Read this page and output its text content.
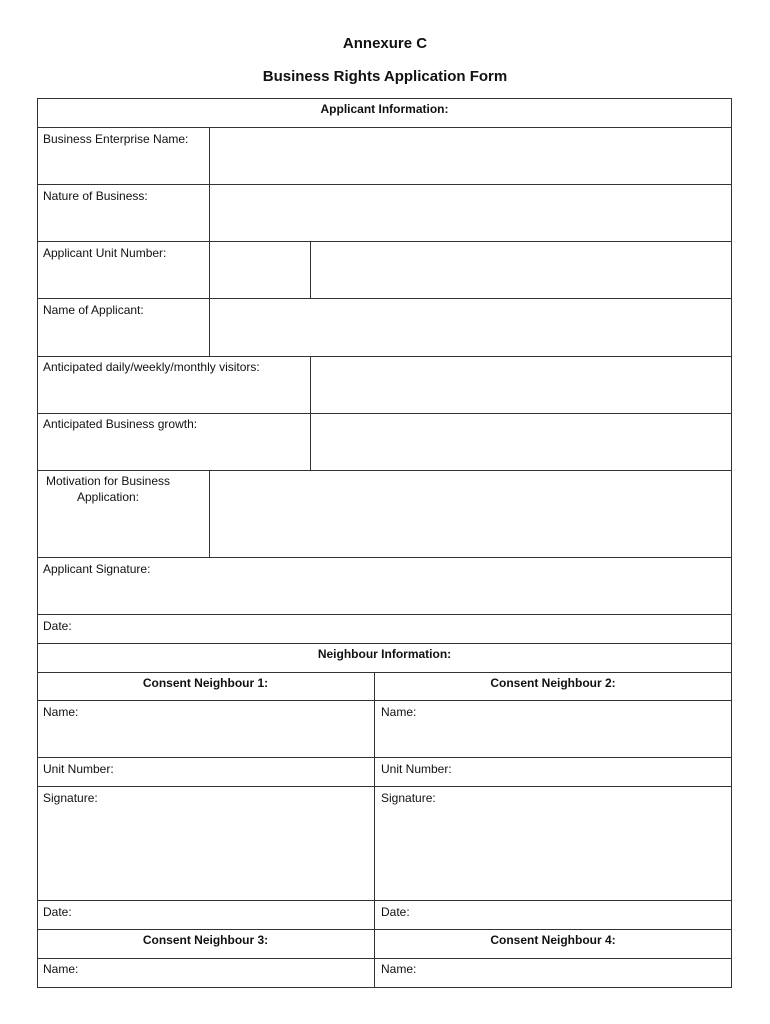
Annexure C
Business Rights Application Form
Applicant Information:
Business Enterprise Name:
Nature of Business:
Applicant Unit Number:
Name of Applicant:
Anticipated daily/weekly/monthly visitors:
Anticipated Business growth:
Motivation for Business
Application:
Applicant Signature:
Date:
Neighbour Information:
Consent Neighbour 1:	Consent Neighbour 2:
Name:	Name:
Unit Number:	Unit Number:
Signature:	Signature:
Date:	Date:
Consent Neighbour 3:	Consent Neighbour 4:
Name:	Name:
